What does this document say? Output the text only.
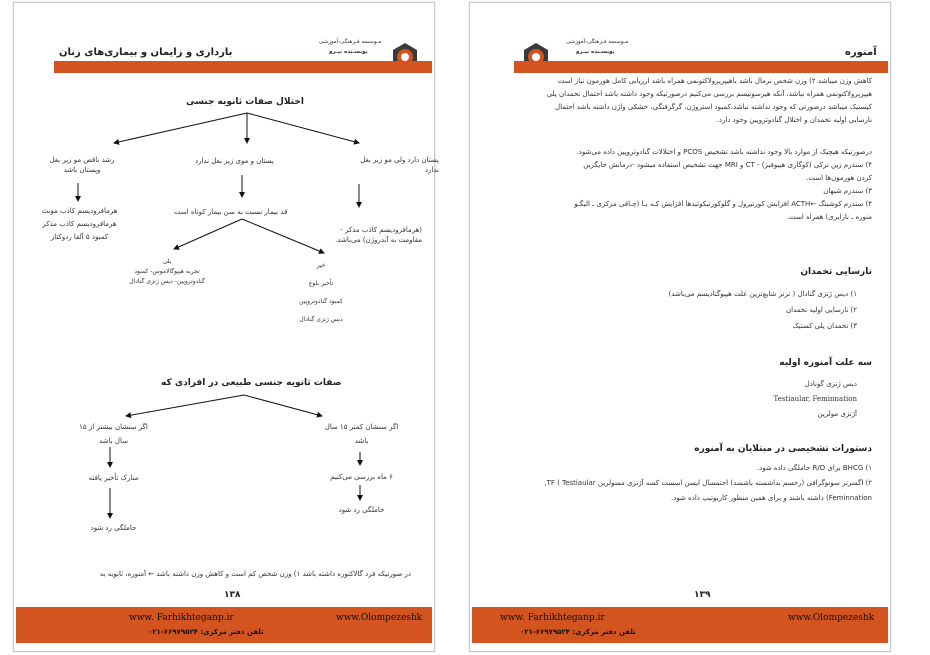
بارداری و زایمان و بیماری‌های زنان
مـوسسه فـرهنگی-آموزشی
پویسـنده نیـرو
اختلال صفات ثانویه جنسی
پستان دارد ولی مو زیر بغل
ندارد
(هرمافرودیسم کاذب مذکر -
مقاومت به آندروژن) می‌باشد.
پستان و موی زیر بغل ندارد
قد بیمار نسبت به سن بیمار کوتاه است
بلی
تجربه هیپوگالاموس- کمبود
گنادوتروپین- دیس ژنزی گنادال
خیر
تأخیر بلوغ
کمبود گنادوتروپین
دیس ژنزی گنادال
رشد ناقص مو زیر بغل
وپستان باشد
هرمافرودیسم کاذب مونث
هرمافرودیسم کاذب مذکر
کمبود ۵ آلفا ردوکتاز
صفات ثانویه جنسی طبیعی در افرادی که
اگر سنشان کمتر ۱۵ سال
باشد
۶ ماه بررسی می‌کنیم
حاملگی رد شود
اگر سنشان بیشتر از ۱۵
سال باشد
منارک تأخیر یافته
حاملگی رد شود
در صورتیکه فرد گالاکتوره داشته باشد ۱) وزن شخص کم است و کاهش وزن داشته باشد ← آمنوره، ثانویه به
۱۳۸
www. Farhikhteganp.ir	www.Olompezeshk
تلفن دفتر مرکزی: ۶۶۹۷۹۵۲۴-۰۲۱
آمنوره
مـوسسه فـرهنگی-آموزشی
پویسـنده نیـرو
کاهش وزن میباشد ۲) وزن شخص نرمال باشد باهیپرپرولاکتونمی همراه باشد ارزیابی کامل هورمون نیاز است
هیپرپرولاکتونمی همراه نباشد، آنکه هیرسوتیسم بررسی می‌کنیم درصورتیکه وجود داشته باشد احتمال تخمدان پلی
کیستیک میباشد درصورتی که وجود نداشته نباشد،کمبود استروژن، گرگرفتگی، خشکی واژن داشته باشد احتمال
نارسایی اولیه تخمدان و اختلال گنادوتروپین وجود دارد.
درصورتیکه هیچیک از موارد بالا وجود نداشته باشد تشخیص PCOS و اختلالات گنادوتروپین داده می‌شود.
۴) سندرم زین ترکی (کوگاری هیپوفیز) - CT و MRI جهت تشخیص استفاده میشود -درمانش جایگزین
کردن هورمون‌ها است.
۳) سندرم شیهان
۴) سندرم کوشینگ ←ACTH افزایش کورتیزول و گلوکورتیکوئیدها افزایش کـه بـا (چـاقی مرکزی ـ الیگـو
منوره ـ نازایری) همراه است.
نارسایی تخمدان
۱) دیس ژنزی گنادال ( ترنر شایع‌ترین علت هیپوگنادیسم می‌باشد)
۲) نارسایی اولیه تخمدان
۳) تخمدان پلی کستیک
سه علت آمنوره اولیه
دیس ژنزی گونادل
Testiaular, Feminnation
آژنزی مولرین
دستورات تشخیصی در مبتلایان به آمنوره
۱) BHCG برای R/O حاملگی داده شود.
۲) اگسرتر سونوگرافی (رحسم نداشسته باشسد) احتمسال ایسن اسست کسه آژنزی مسولرین TF ( Testiaular,
Feminnation) داشته باشند و برای همین منظور کاریوتیپ داده شود.
۱۳۹
www. Farhikhteganp.ir	www.Olompezeshk
تلفن دفتر مرکزی: ۶۶۹۷۹۵۲۴-۰۲۱
